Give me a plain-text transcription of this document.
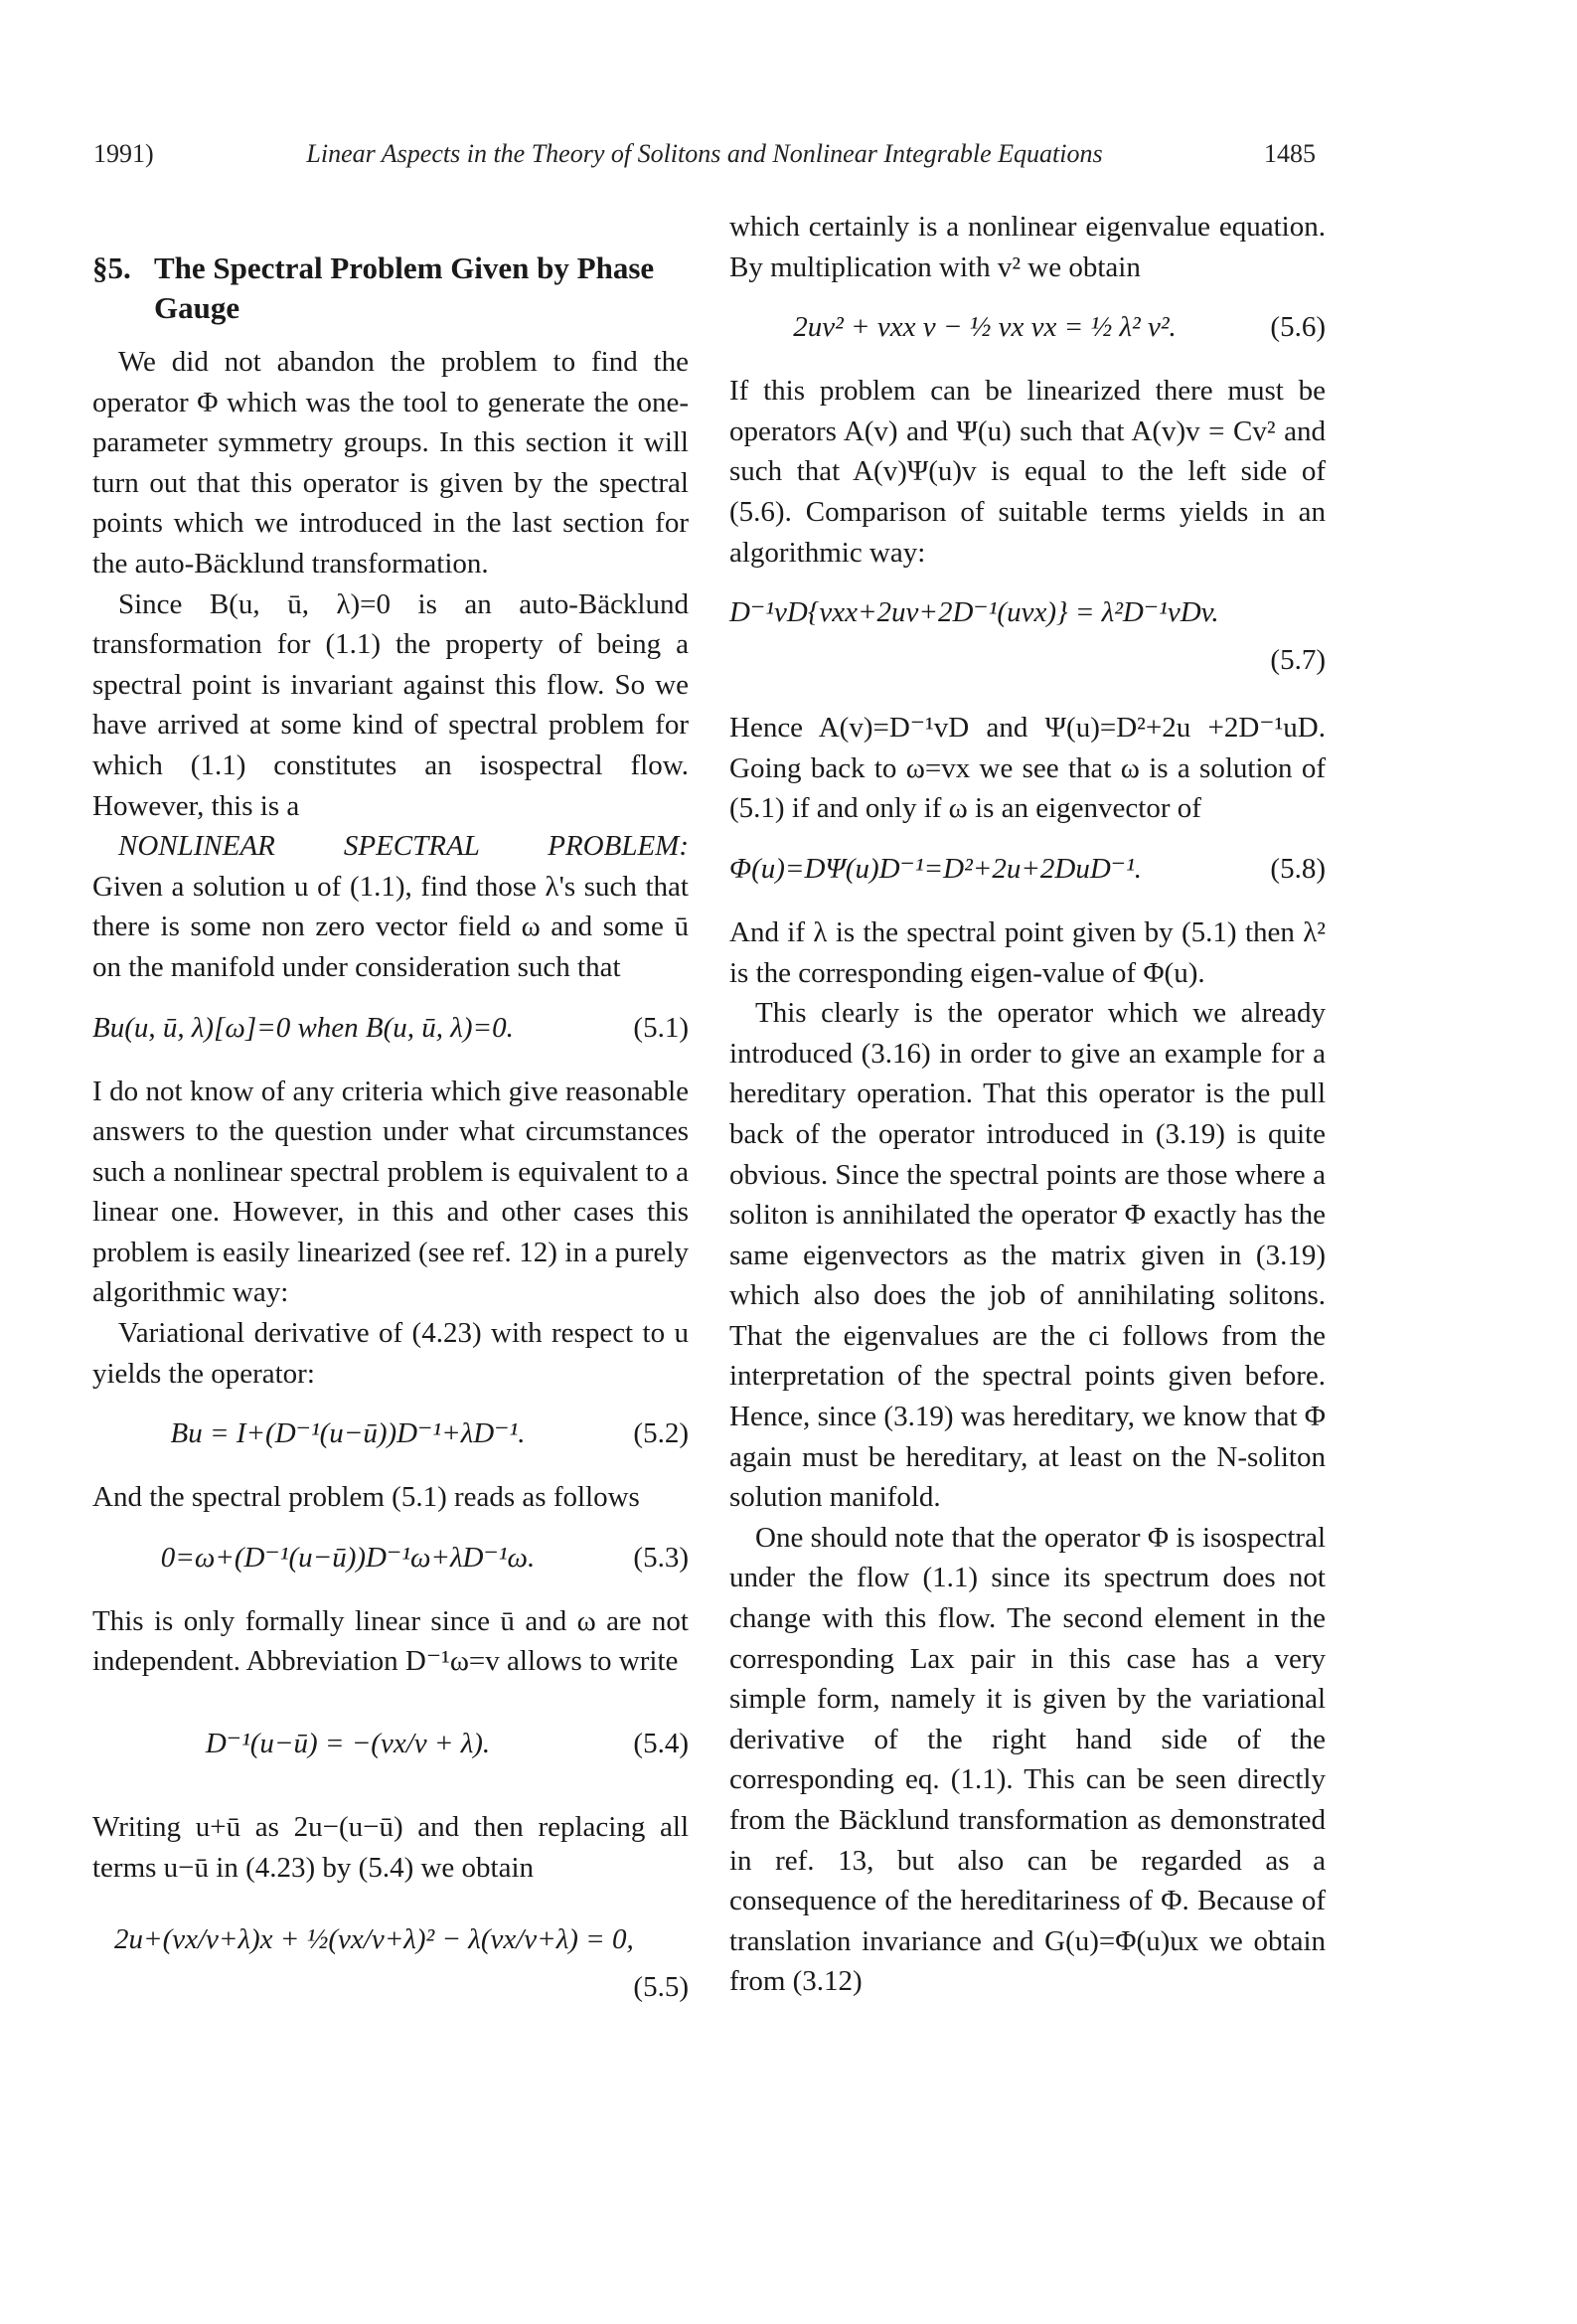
1991)	Linear Aspects in the Theory of Solitons and Nonlinear Integrable Equations	1485
§5. The Spectral Problem Given by Phase Gauge

We did not abandon the problem to find the operator Φ which was the tool to generate the one-parameter symmetry groups. In this section it will turn out that this operator is given by the spectral points which we introduced in the last section for the auto-Bäcklund transformation.

Since B(u, ū, λ)=0 is an auto-Bäcklund transformation for (1.1) the property of being a spectral point is invariant against this flow. So we have arrived at some kind of spectral problem for which (1.1) constitutes an isospectral flow. However, this is a
NONLINEAR SPECTRAL PROBLEM:
Given a solution u of (1.1), find those λ's such that there is some non zero vector field ω and some ū on the manifold under consideration such that

Bu(u, ū, λ)[ω]=0 when B(u, ū, λ)=0.	(5.1)

I do not know of any criteria which give reasonable answers to the question under what circumstances such a nonlinear spectral problem is equivalent to a linear one. However, in this and other cases this problem is easily linearized (see ref. 12) in a purely algorithmic way:

Variational derivative of (4.23) with respect to u yields the operator:

Bu = I+(D⁻¹(u−ū))D⁻¹+λD⁻¹.	(5.2)

And the spectral problem (5.1) reads as follows

0=ω+(D⁻¹(u−ū))D⁻¹ω+λD⁻¹ω.	(5.3)

This is only formally linear since ū and ω are not independent. Abbreviation D⁻¹ω=v allows to write

D⁻¹(u−ū) = −(vx/v + λ).	(5.4)

Writing u+ū as 2u−(u−ū) and then replacing all terms u−ū in (4.23) by (5.4) we obtain

2u+(vx/v+λ)x + ½(vx/v+λ)² − λ(vx/v+λ) = 0,
(5.5)

which certainly is a nonlinear eigenvalue equation. By multiplication with v² we obtain

2uv² + vxx v − ½ vx vx = ½ λ² v².	(5.6)

If this problem can be linearized there must be operators A(v) and Ψ(u) such that A(v)v = Cv² and such that A(v)Ψ(u)v is equal to the left side of (5.6). Comparison of suitable terms yields in an algorithmic way:

D⁻¹vD{vxx+2uv+2D⁻¹(uvx)} = λ²D⁻¹vDv.
(5.7)

Hence A(v)=D⁻¹vD and Ψ(u)=D²+2u +2D⁻¹uD. Going back to ω=vx we see that ω is a solution of (5.1) if and only if ω is an eigenvector of

Φ(u)=DΨ(u)D⁻¹=D²+2u+2DuD⁻¹.	(5.8)

And if λ is the spectral point given by (5.1) then λ² is the corresponding eigen-value of Φ(u).

This clearly is the operator which we already introduced (3.16) in order to give an example for a hereditary operation. That this operator is the pull back of the operator introduced in (3.19) is quite obvious. Since the spectral points are those where a soliton is annihilated the operator Φ exactly has the same eigenvectors as the matrix given in (3.19) which also does the job of annihilating solitons. That the eigenvalues are the ci follows from the interpretation of the spectral points given before. Hence, since (3.19) was hereditary, we know that Φ again must be hereditary, at least on the N-soliton solution manifold.

One should note that the operator Φ is isospectral under the flow (1.1) since its spectrum does not change with this flow. The second element in the corresponding Lax pair in this case has a very simple form, namely it is given by the variational derivative of the right hand side of the corresponding eq. (1.1). This can be seen directly from the Bäcklund transformation as demonstrated in ref. 13, but also can be regarded as a consequence of the hereditariness of Φ. Because of translation invariance and G(u)=Φ(u)ux we obtain from (3.12)
